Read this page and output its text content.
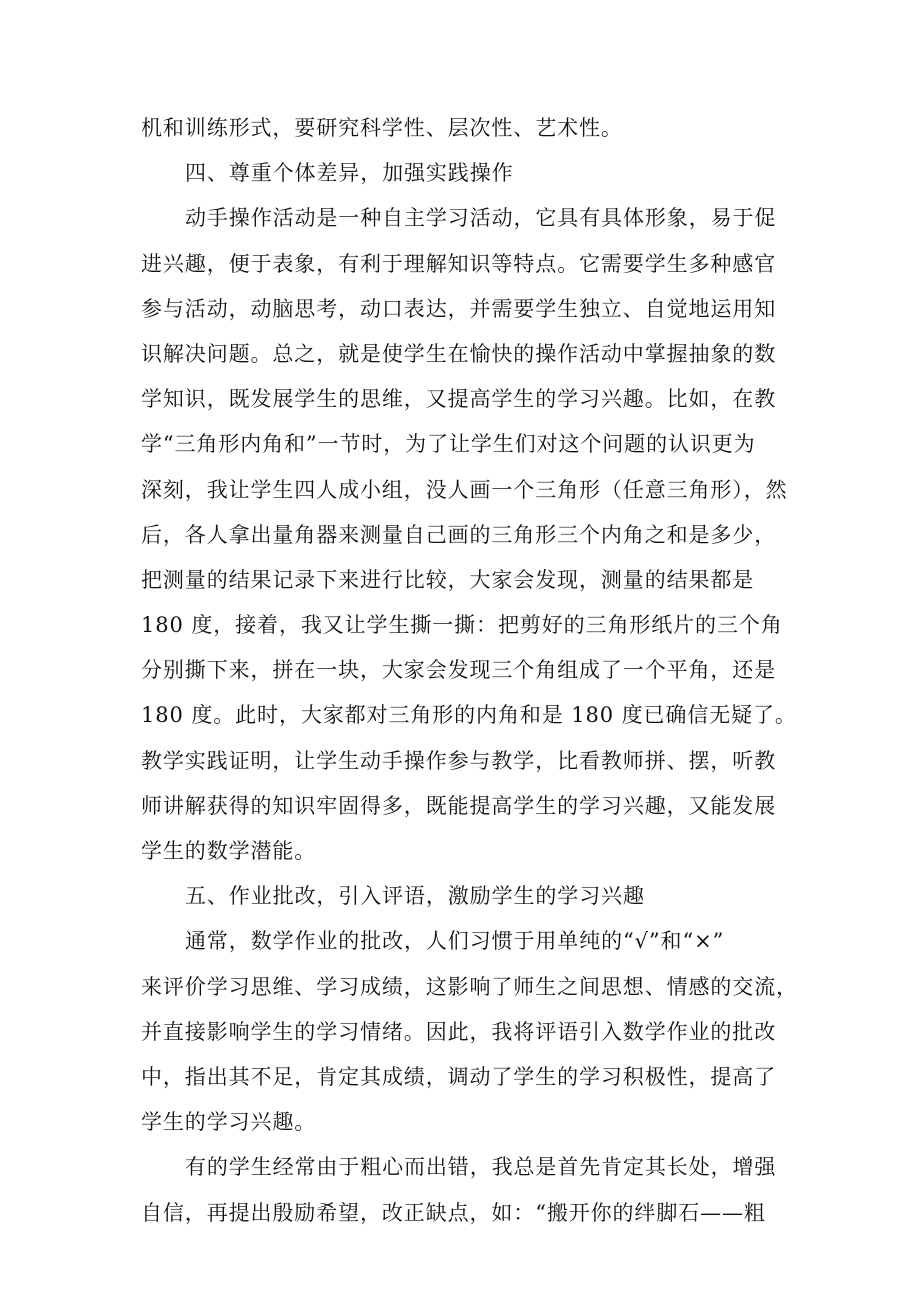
机和训练形式，要研究科学性、层次性、艺术性。
四、尊重个体差异，加强实践操作
动手操作活动是一种自主学习活动，它具有具体形象，易于促
进兴趣，便于表象，有利于理解知识等特点。它需要学生多种感官
参与活动，动脑思考，动口表达，并需要学生独立、自觉地运用知
识解决问题。总之，就是使学生在愉快的操作活动中掌握抽象的数
学知识，既发展学生的思维，又提高学生的学习兴趣。比如，在教
学“三角形内角和”一节时，为了让学生们对这个问题的认识更为
深刻，我让学生四人成小组，没人画一个三角形（任意三角形），然
后，各人拿出量角器来测量自己画的三角形三个内角之和是多少，
把测量的结果记录下来进行比较，大家会发现，测量的结果都是
180 度，接着，我又让学生撕一撕：把剪好的三角形纸片的三个角
分别撕下来，拼在一块，大家会发现三个角组成了一个平角，还是
180 度。此时，大家都对三角形的内角和是 180 度已确信无疑了。
教学实践证明，让学生动手操作参与教学，比看教师拼、摆，听教
师讲解获得的知识牢固得多，既能提高学生的学习兴趣，又能发展
学生的数学潜能。
五、作业批改，引入评语，激励学生的学习兴趣
通常，数学作业的批改，人们习惯于用单纯的“√”和“×”
来评价学习思维、学习成绩，这影响了师生之间思想、情感的交流，
并直接影响学生的学习情绪。因此，我将评语引入数学作业的批改
中，指出其不足，肯定其成绩，调动了学生的学习积极性，提高了
学生的学习兴趣。
有的学生经常由于粗心而出错，我总是首先肯定其长处，增强
自信，再提出殷励希望，改正缺点，如：“搬开你的绊脚石——粗
